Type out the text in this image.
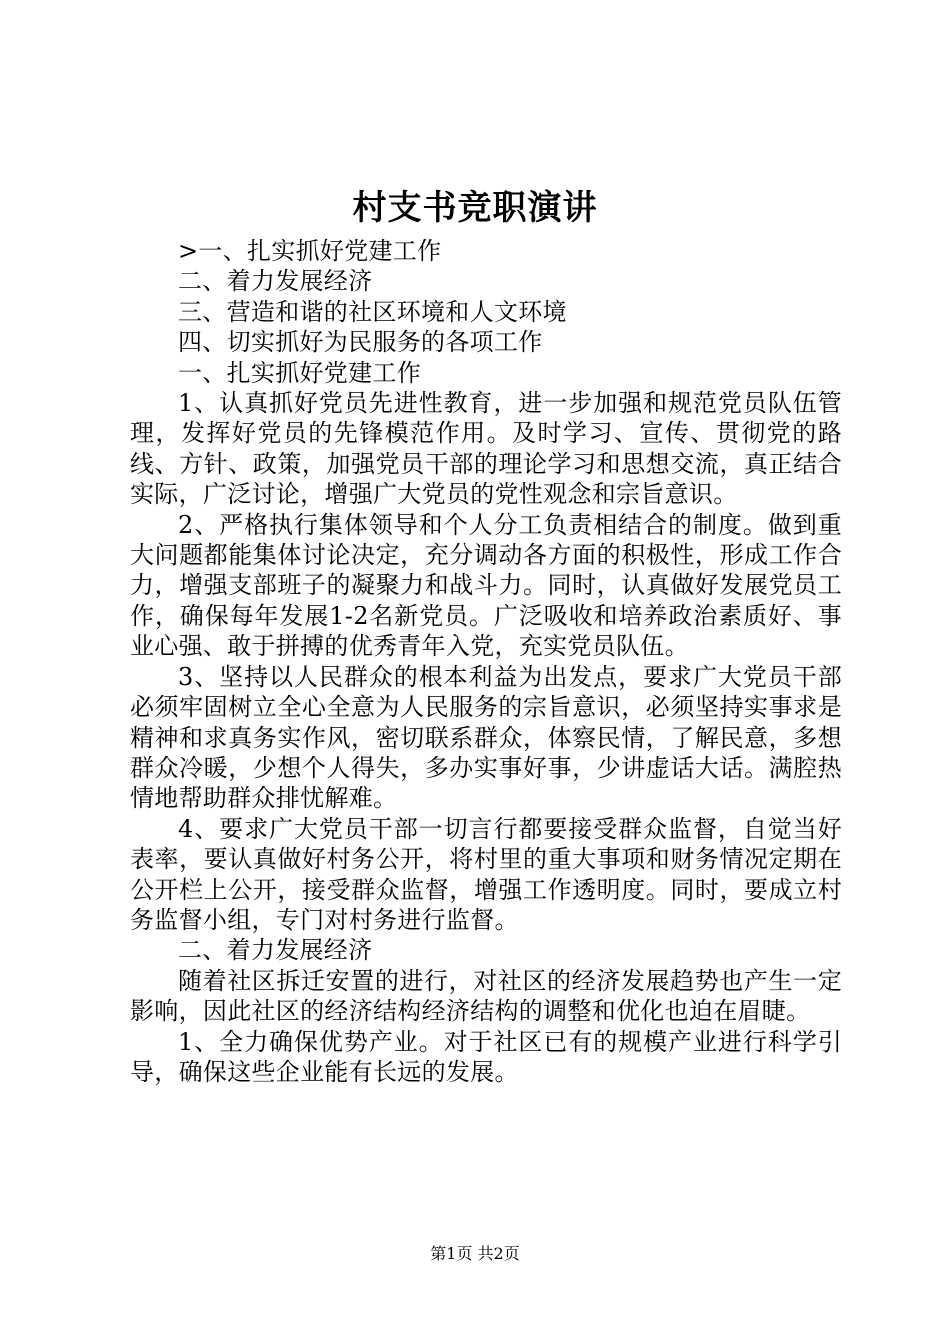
村支书竞职演讲

>一、扎实抓好党建工作

二、着力发展经济

三、营造和谐的社区环境和人文环境

四、切实抓好为民服务的各项工作

一、扎实抓好党建工作

1、认真抓好党员先进性教育，进一步加强和规范党员队伍管理，发挥好党员的先锋模范作用。及时学习、宣传、贯彻党的路线、方针、政策，加强党员干部的理论学习和思想交流，真正结合实际，广泛讨论，增强广大党员的党性观念和宗旨意识。

2、严格执行集体领导和个人分工负责相结合的制度。做到重大问题都能集体讨论决定，充分调动各方面的积极性，形成工作合力，增强支部班子的凝聚力和战斗力。同时，认真做好发展党员工作，确保每年发展1-2名新党员。广泛吸收和培养政治素质好、事业心强、敢于拼搏的优秀青年入党，充实党员队伍。

3、坚持以人民群众的根本利益为出发点，要求广大党员干部必须牢固树立全心全意为人民服务的宗旨意识，必须坚持实事求是精神和求真务实作风，密切联系群众，体察民情，了解民意，多想群众冷暖，少想个人得失，多办实事好事，少讲虚话大话。满腔热情地帮助群众排忧解难。

4、要求广大党员干部一切言行都要接受群众监督，自觉当好表率，要认真做好村务公开，将村里的重大事项和财务情况定期在公开栏上公开，接受群众监督，增强工作透明度。同时，要成立村务监督小组，专门对村务进行监督。

二、着力发展经济

随着社区拆迁安置的进行，对社区的经济发展趋势也产生一定影响，因此社区的经济结构经济结构的调整和优化也迫在眉睫。

1、全力确保优势产业。对于社区已有的规模产业进行科学引导，确保这些企业能有长远的发展。

第1页 共2页
